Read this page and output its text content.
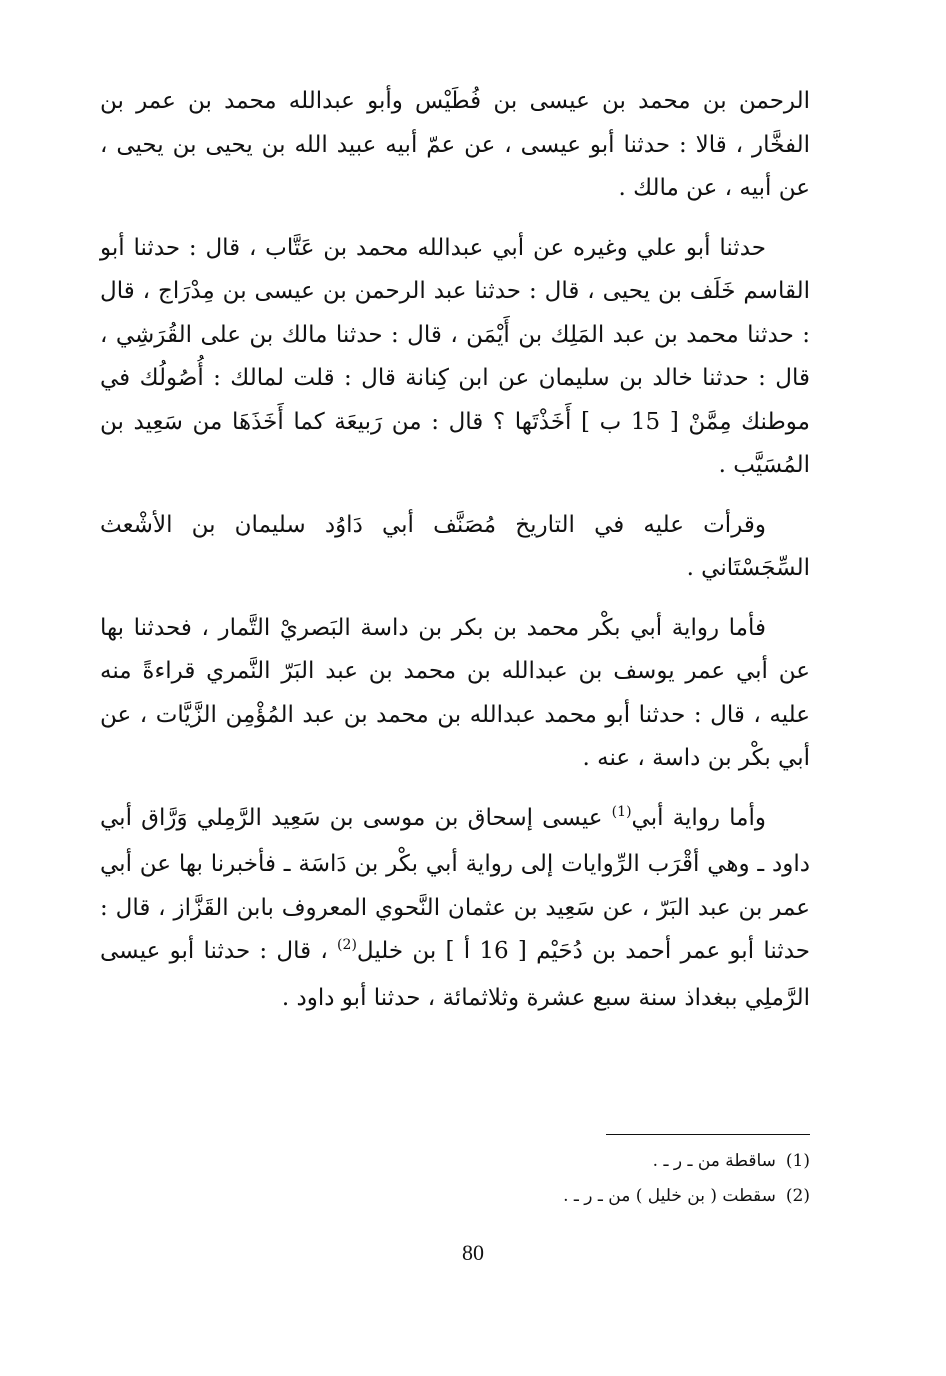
الرحمن بن محمد بن عيسى بن فُطَيْس وأبو عبدالله محمد بن عمر بن الفخَّار ، قالا : حدثنا أبو عيسى ، عن عمّ أبيه عبيد الله بن يحيى بن يحيى ، عن أبيه ، عن مالك .

حدثنا أبو علي وغيره عن أبي عبدالله محمد بن عَتَّاب ، قال : حدثنا أبو القاسم خَلَف بن يحيى ، قال : حدثنا عبد الرحمن بن عيسى بن مِدْرَاج ، قال : حدثنا محمد بن عبد المَلِك بن أَيْمَن ، قال : حدثنا مالك بن على القُرَشِي ، قال : حدثنا خالد بن سليمان عن ابن كِنانة قال : قلت لمالك : أُصُولُك في موطنك مِمَّنْ [ 15 ب ] أَخَذْتَها ؟ قال : من رَبيعَة كما أَخَذَهَا من سَعِيد بن المُسَيَّب .

وقرأت عليه في التاريخ مُصَنَّف أبي دَاوُد سليمان بن الأشْعث السِّجَسْتَاني .

فأما رواية أبي بكْر محمد بن بكر بن داسة البَصريْ التَّمار ، فحدثنا بها عن أبي عمر يوسف بن عبدالله بن محمد بن عبد البَرّ النَّمري قراءةً منه عليه ، قال : حدثنا أبو محمد عبدالله بن محمد بن عبد المُؤْمِن الزَّيَّات ، عن أبي بكْر بن داسة ، عنه .

وأما رواية أبي$^{(1)}$ عيسى إسحاق بن موسى بن سَعِيد الرَّمِلي وَرَّاق أبي داود ـ وهي أقْرَب الرِّوايات إلى رواية أبي بكْر بن دَاسَة ـ فأخبرنا بها عن أبي عمر بن عبد البَرّ ، عن سَعِيد بن عثمان النَّحوي المعروف بابن القَزَّاز ، قال : حدثنا أبو عمر أحمد بن دُحَيْم [ 16 أ ] بن خليل$^{(2)}$ ، قال : حدثنا أبو عيسى الرَّملِي ببغداذ سنة سبع عشرة وثلاثمائة ، حدثنا أبو داود .

(1)ساقطة من ـ ر ـ .

(2)سقطت ( بن خليل ) من ـ ر ـ .

80
